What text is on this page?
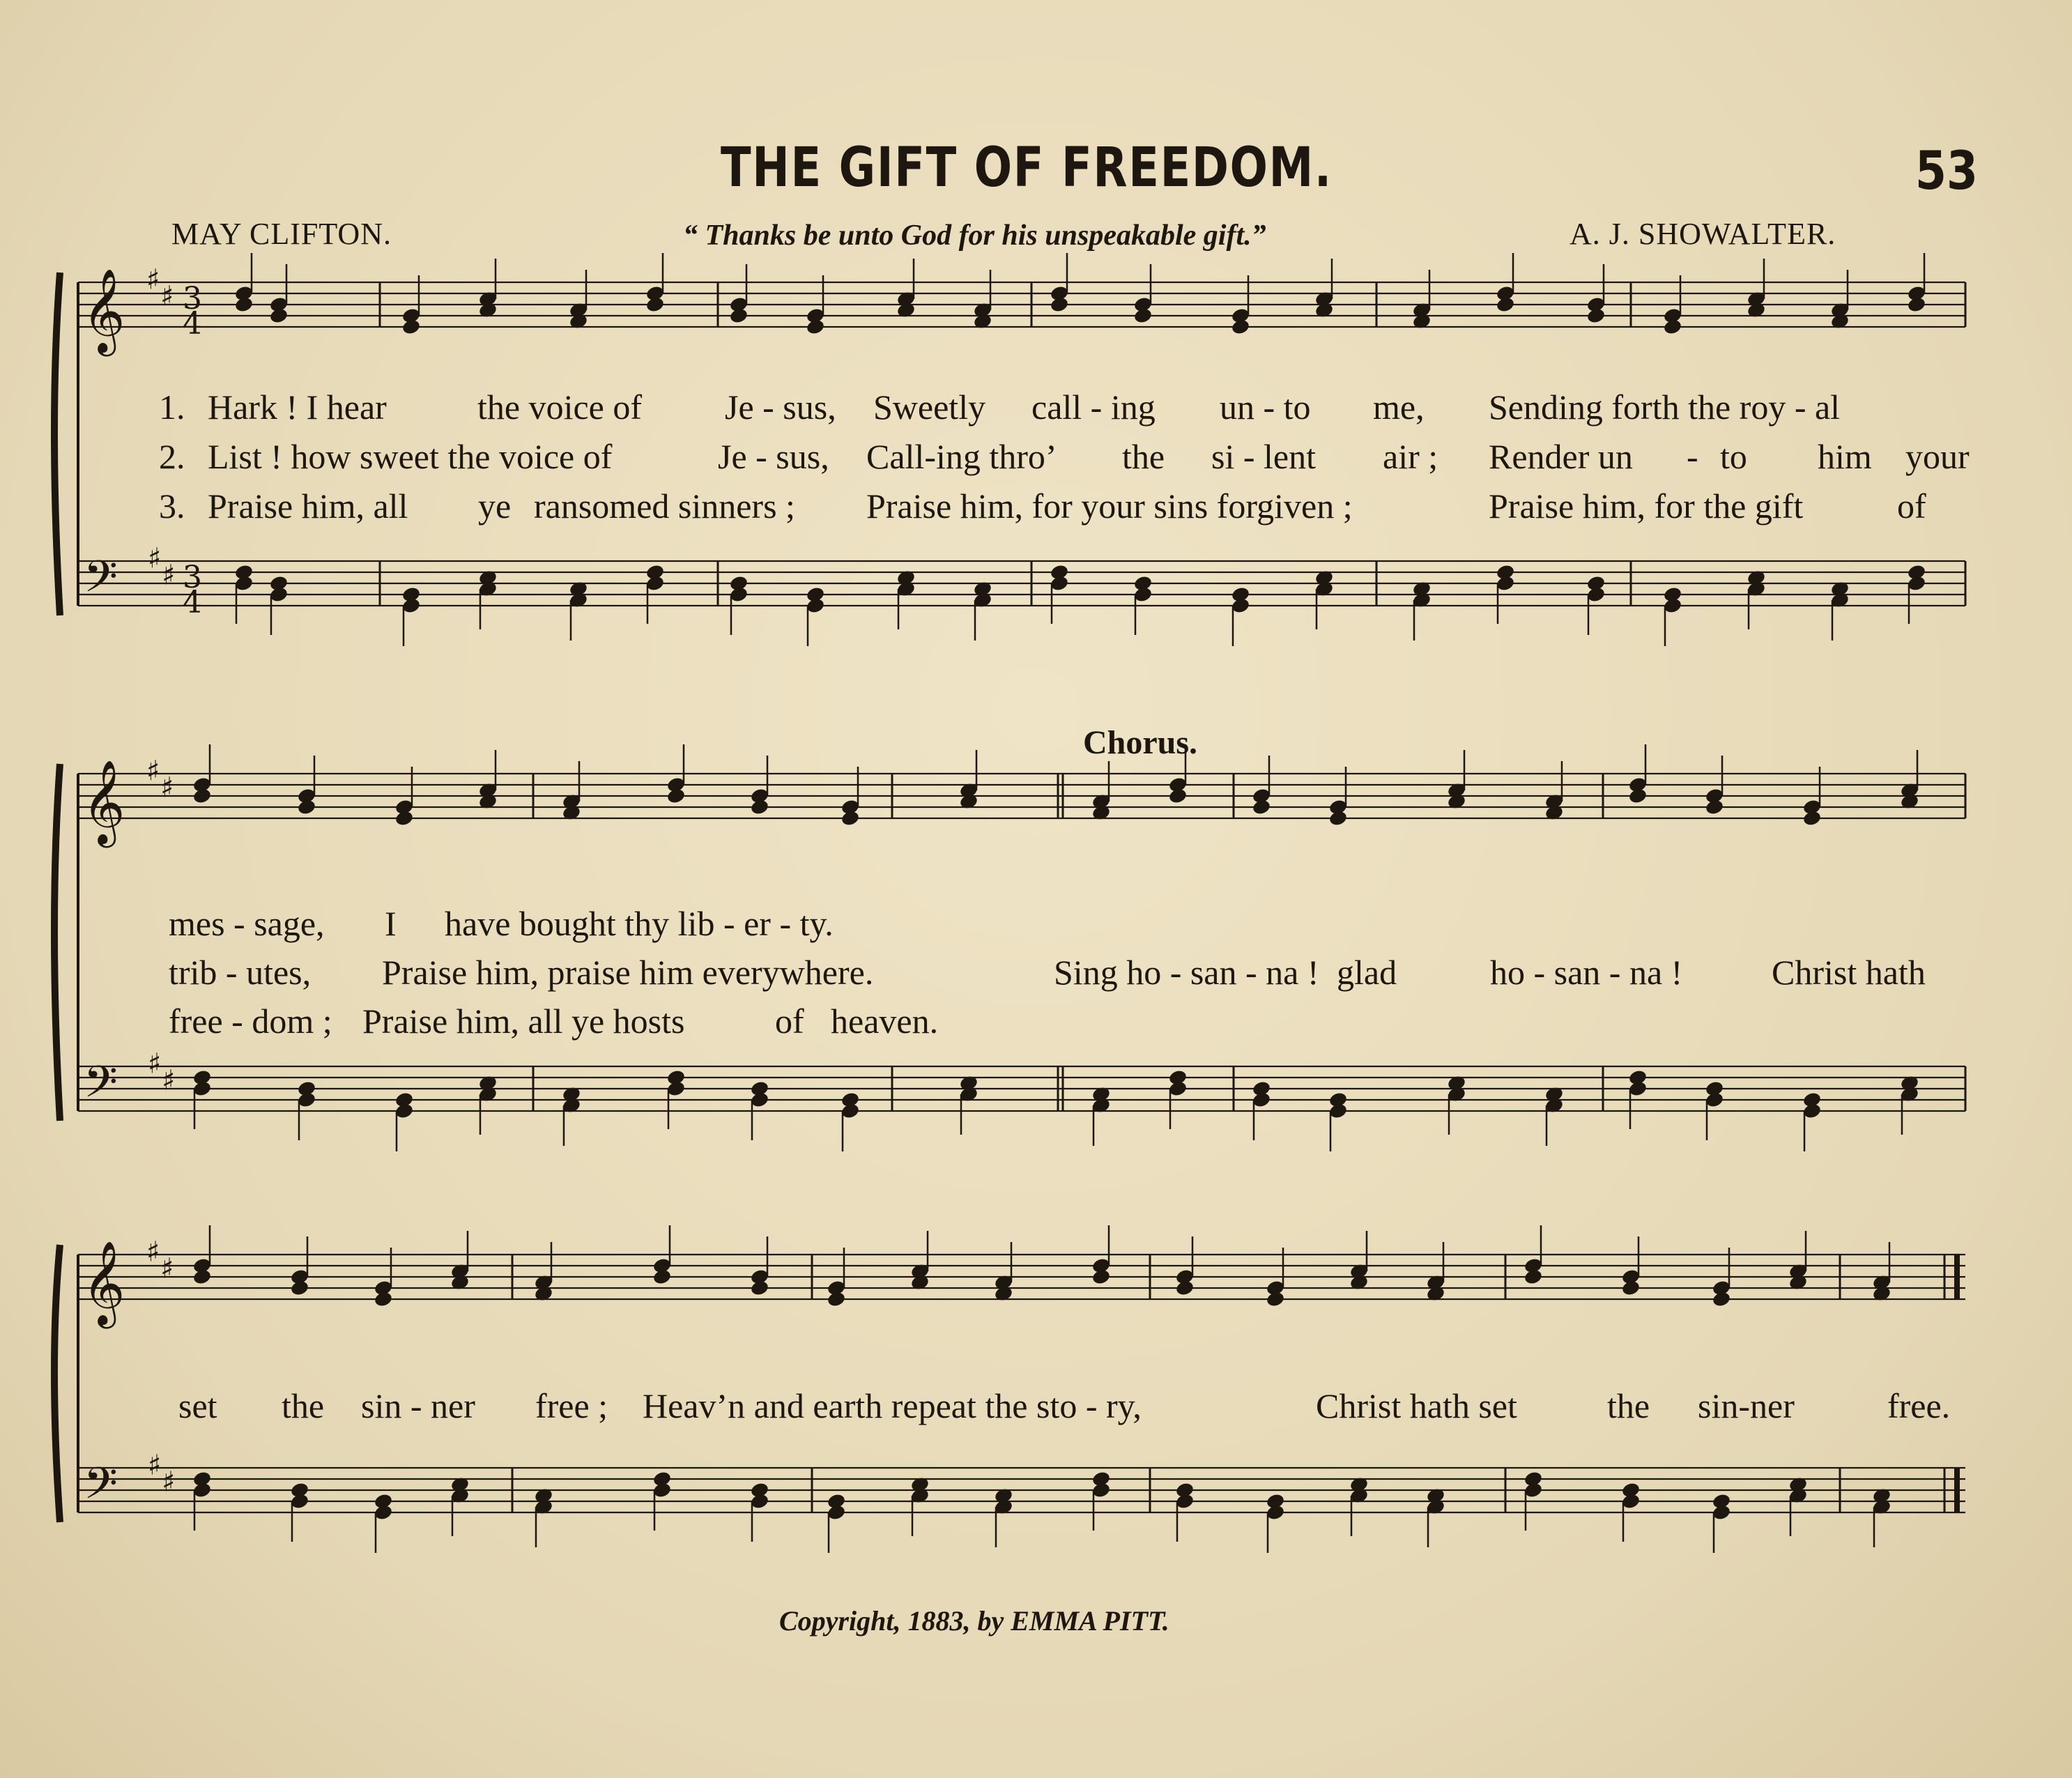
THE GIFT OF FREEDOM.	53
MAY CLIFTON.	“ Thanks be unto God for his unspeakable gift.”	A. J. SHOWALTER.
𝄞
𝄢
♯
♯
♯
♯
3
4
3
4
𝄞
𝄢
♯
♯
♯
♯
𝄞
𝄢
♯
♯
♯
♯
1. Hark ! I hear	the voice of Je - sus, Sweetly call - ing un - to me, Sending forth the roy - al
2. List ! how sweet the voice of	Je - sus, Call-ing thro’ the si - lent air ; Render un - to him your
3. Praise him, all ye ransomed sinners ; Praise him, for your sins forgiven ;	Praise him, for the gift	of
Chorus.
mes - sage, I have bought thy lib - er - ty.
trib - utes, Praise him, praise him everywhere.	Sing ho - san - na ! glad	ho - san - na !	Christ hath
free - dom ; Praise him, all ye hosts	of heaven.
set the sin - ner free ; Heav’n and earth repeat the sto - ry,	Christ hath set	the sin-ner	free.
Copyright, 1883, by EMMA PITT.
